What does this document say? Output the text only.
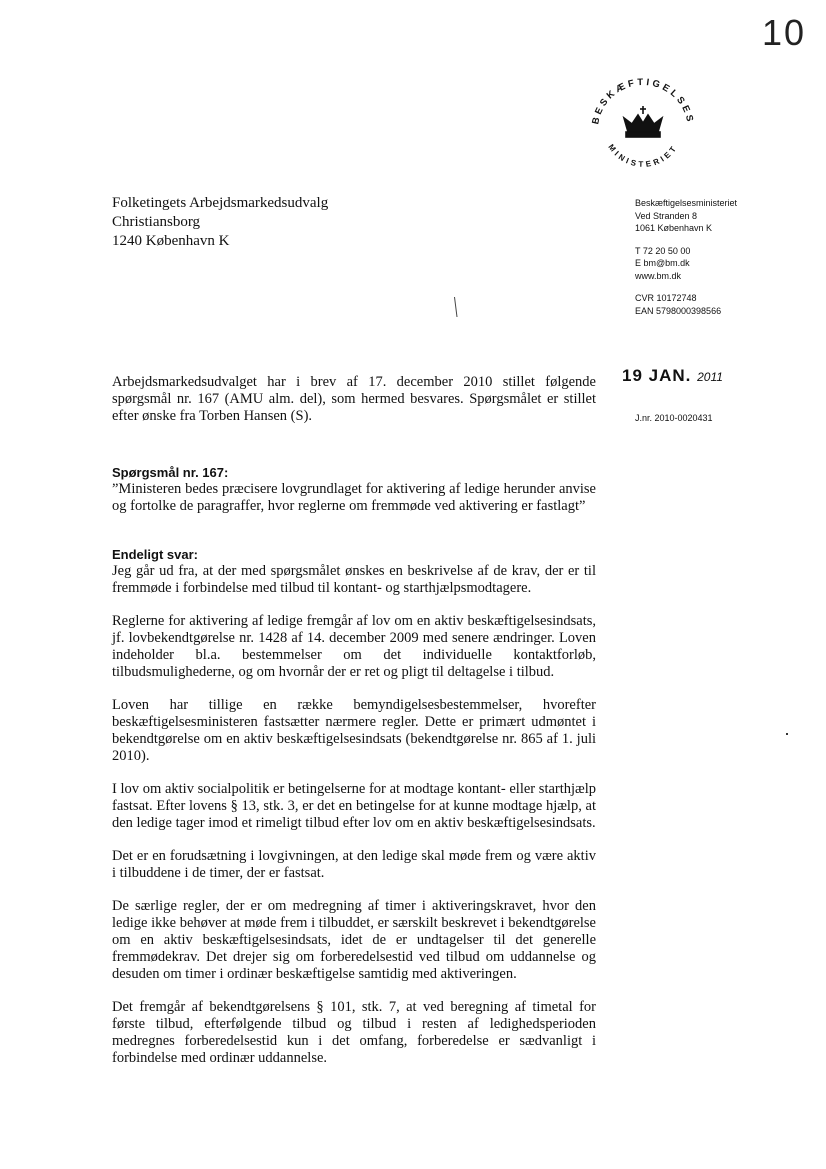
10
BESKÆFTIGELSES
MINISTERIET
Folketingets Arbejdsmarkedsudvalg
Christiansborg
1240 København K
Beskæftigelsesministeriet
Ved Stranden 8
1061 København K
T 72 20 50 00
E bm@bm.dk
www.bm.dk
CVR 10172748
EAN 5798000398566
19 JAN. 2011
J.nr. 2010-0020431

Arbejdsmarkedsudvalget har i brev af 17. december 2010 stillet følgende spørgsmål nr. 167 (AMU alm. del), som hermed besvares. Spørgsmålet er stillet efter ønske fra Torben Hansen (S).

Spørgsmål nr. 167:

”Ministeren bedes præcisere lovgrundlaget for aktivering af ledige herunder anvise og fortolke de paragraffer, hvor reglerne om fremmøde ved aktivering er fastlagt”

Endeligt svar:

Jeg går ud fra, at der med spørgsmålet ønskes en beskrivelse af de krav, der er til fremmøde i forbindelse med tilbud til kontant- og starthjælpsmodtagere.

Reglerne for aktivering af ledige fremgår af lov om en aktiv beskæftigelsesindsats, jf. lovbekendtgørelse nr. 1428 af 14. december 2009 med senere ændringer. Loven indeholder bl.a. bestemmelser om det individuelle kontaktforløb, tilbudsmulighederne, og om hvornår der er ret og pligt til deltagelse i tilbud.

Loven har tillige en række bemyndigelsesbestemmelser, hvorefter beskæftigelsesministeren fastsætter nærmere regler. Dette er primært udmøntet i bekendtgørelse om en aktiv beskæftigelsesindsats (bekendtgørelse nr. 865 af 1. juli 2010).

I lov om aktiv socialpolitik er betingelserne for at modtage kontant- eller starthjælp fastsat. Efter lovens § 13, stk. 3, er det en betingelse for at kunne modtage hjælp, at den ledige tager imod et rimeligt tilbud efter lov om en aktiv beskæftigelsesindsats.

Det er en forudsætning i lovgivningen, at den ledige skal møde frem og være aktiv i tilbuddene i de timer, der er fastsat.

De særlige regler, der er om medregning af timer i aktiveringskravet, hvor den ledige ikke behøver at møde frem i tilbuddet, er særskilt beskrevet i bekendtgørelse om en aktiv beskæftigelsesindsats, idet de er undtagelser til det generelle fremmødekrav. Det drejer sig om forberedelsestid ved tilbud om uddannelse og desuden om timer i ordinær beskæftigelse samtidig med aktiveringen.

Det fremgår af bekendtgørelsens § 101, stk. 7, at ved beregning af timetal for første tilbud, efterfølgende tilbud og tilbud i resten af ledighedsperioden medregnes forberedelsestid kun i det omfang, forberedelse er sædvanligt i forbindelse med ordinær uddannelse.
